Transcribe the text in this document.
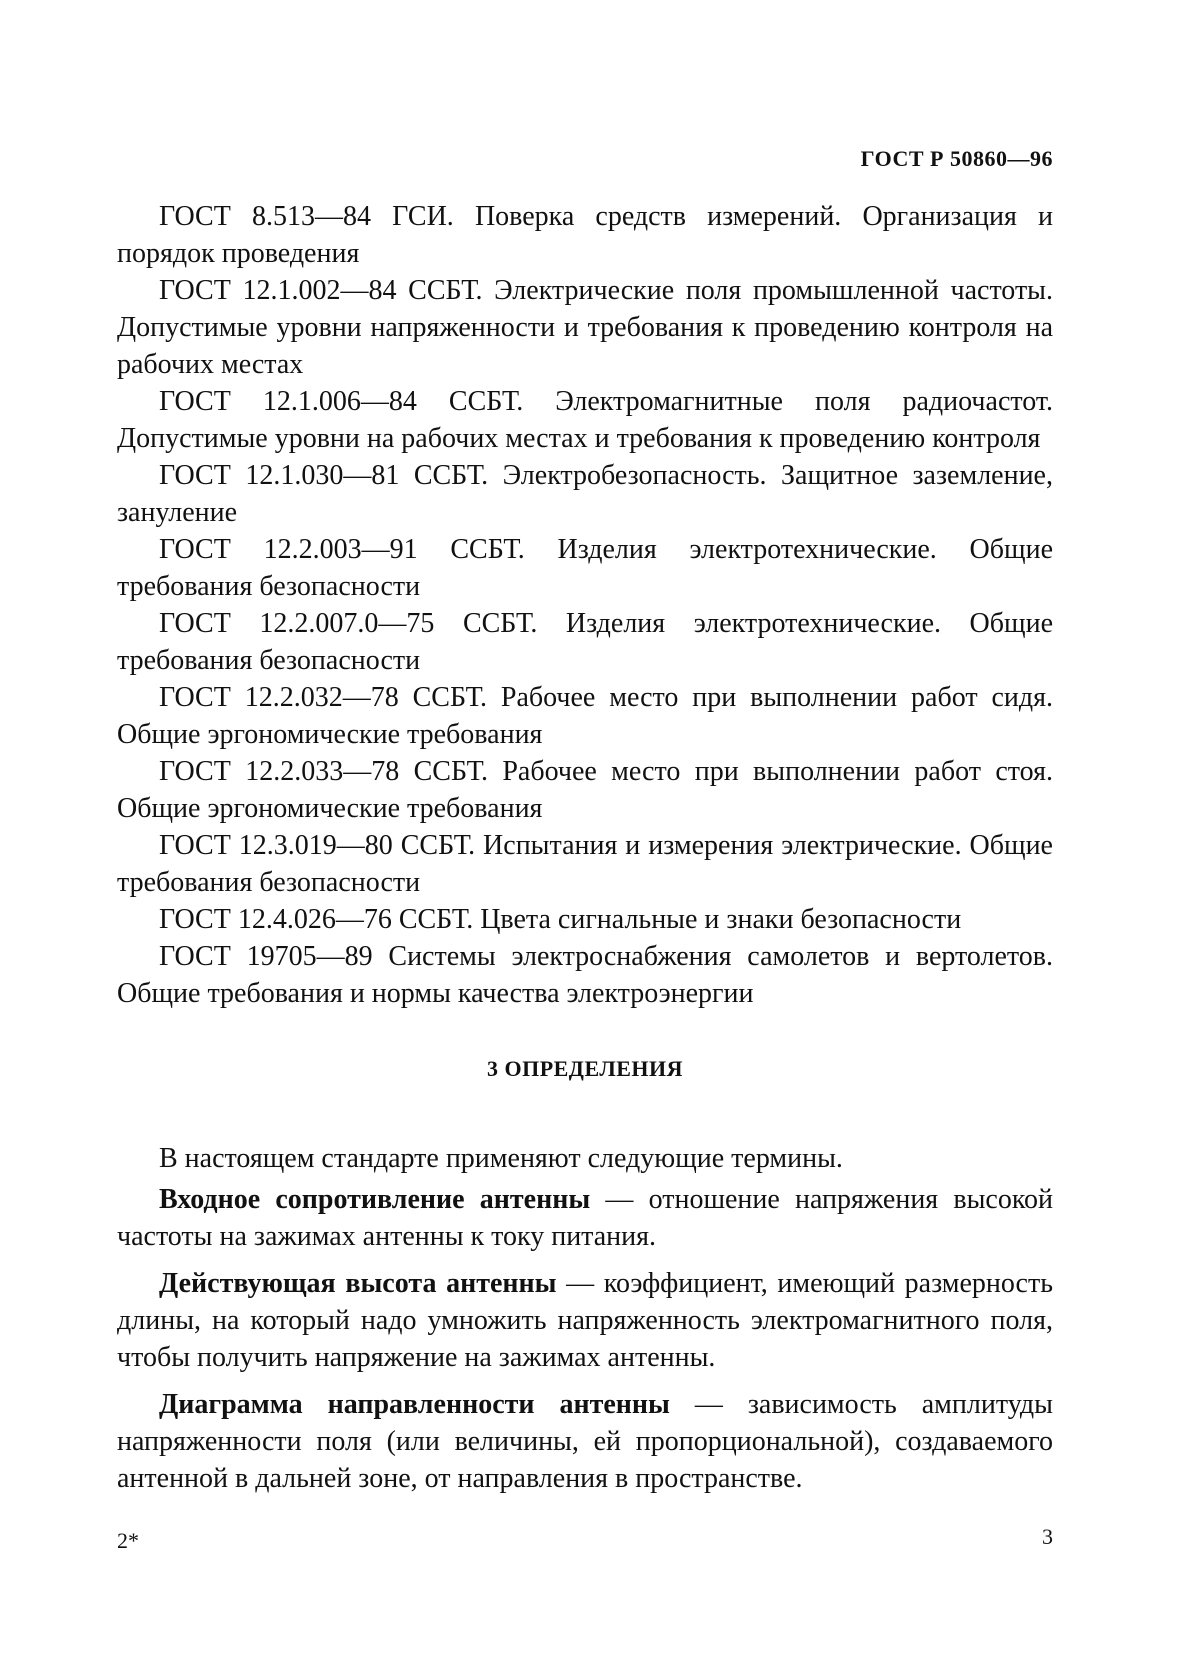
ГОСТ Р 50860—96

ГОСТ 8.513—84 ГСИ. Поверка средств измерений. Организация и порядок проведения

ГОСТ 12.1.002—84 ССБТ. Электрические поля промышленной частоты. Допустимые уровни напряженности и требования к проведению контроля на рабочих местах

ГОСТ 12.1.006—84 ССБТ. Электромагнитные поля радиочастот. Допустимые уровни на рабочих местах и требования к проведению контроля

ГОСТ 12.1.030—81 ССБТ. Электробезопасность. Защитное заземление, зануление

ГОСТ 12.2.003—91 ССБТ. Изделия электротехнические. Общие требования безопасности

ГОСТ 12.2.007.0—75 ССБТ. Изделия электротехнические. Общие требования безопасности

ГОСТ 12.2.032—78 ССБТ. Рабочее место при выполнении работ сидя. Общие эргономические требования

ГОСТ 12.2.033—78 ССБТ. Рабочее место при выполнении работ стоя. Общие эргономические требования

ГОСТ 12.3.019—80 ССБТ. Испытания и измерения электрические. Общие требования безопасности

ГОСТ 12.4.026—76 ССБТ. Цвета сигнальные и знаки безопасности

ГОСТ 19705—89 Системы электроснабжения самолетов и вертолетов. Общие требования и нормы качества электроэнергии

3 ОПРЕДЕЛЕНИЯ

В настоящем стандарте применяют следующие термины.

Входное сопротивление антенны — отношение напряжения высокой частоты на зажимах антенны к току питания.

Действующая высота антенны — коэффициент, имеющий размерность длины, на который надо умножить напряженность электромагнитного поля, чтобы получить напряжение на зажимах антенны.

Диаграмма направленности антенны — зависимость амплитуды напряженности поля (или величины, ей пропорциональной), создаваемого антенной в дальней зоне, от направления в пространстве.

2*	3
